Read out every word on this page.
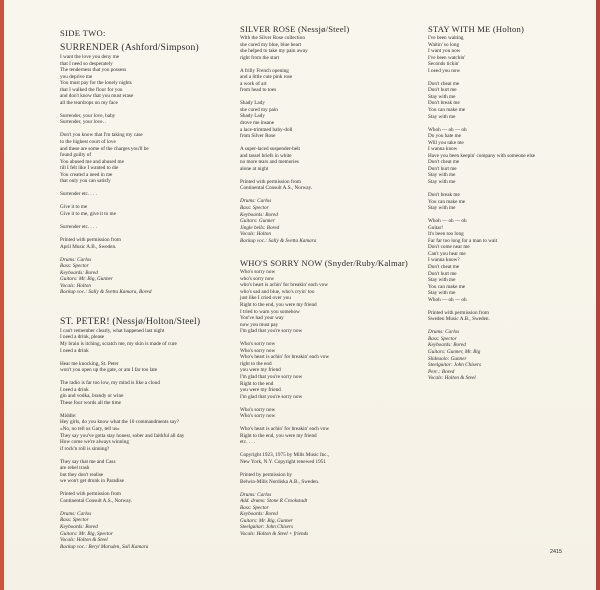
SIDE TWO:
SURRENDER (Ashford/Simpson)
I want the love you deny me
that I need so desperately
The tenderness that you possess
you deprive me
You must pay for the lonely nights
that I walked the floor for you
and don't know that you must erase
all the teardrops on my face
Surrender, your love, baby
Surrender, your love. .
Don't you know that I'm taking my case
to the highest court of love
and these are some of the charges you'll be
found guilty of
You abused me and abused me
till I felt like I wanted to die
You created a need in me
that only you can satisfy
Surrender etc. . . .
Give it to me
Give it to me, give it to me
Surrender etc. . . .
Printed with permission from
April Music A.B., Sweden.
Drums: Carlos
Bass: Spector
Keyboards: Bored
Guitars: Mr. Big, Gunner
Vocals: Holton
Backup voc.: Sally & Svetta Kamara, Bored
ST. PETER! (Nessjø/Holton/Steel)
I can't remember clearly, what happened last night
I need a drink, please
My brain is itching, scratch me, my skin is made of cure
I need a drink
Hear me knocking, St. Peter
won't you open up the gate, or am I far too late
The radio is far too low, my mind is like a cloud
I need a drink
gin and vodka, brandy or wine
These four words all the time
Middle:
Hey girls, do you know what the 10 commandments say?
«No, no tell us Gary, tell us»
They say you've gotta stay honest, sober and faithful all day
How come we're always winning
if rock'n roll is sinning?
They say that me and Cass
are rebel trash
but they don't realise
we won't get drunk in Paradise
Printed with permission from
Continental Consult A.S., Norway.
Drums: Carlos
Bass: Spector
Keyboards: Bored
Guitars: Mr. Big, Spector
Vocals: Holton & Steel
Backup voc.: Beryl Marsden, Sali Kamara
SILVER ROSE (Nessjø/Steel)
With the Silver Rose collection
she cured my blue, blue heart
she helped to take my pain away
right from the start
A frilly French opening
and a little cute pink rose
a work of art
from head to toes
Shady Lady
she cured my pain
Shady Lady
drove me insane
a lace-trimmed baby-doll
from Silver Rose
A super-laced suspender-belt
and tassel briefs in white
no more tears and memories
alone at night
Printed with permission from
Continental Consult A.S., Norway.
Drums: Carlos
Bass: Spector
Keyboards: Bored
Guitars: Gunner
Jingle bells: Bored
Vocals: Holton
Backup voc.: Sally & Svetta Kamara
WHO'S SORRY NOW (Snyder/Ruby/Kalmar)
Who's sorry now
who's sorry now
who's heart is achin' for breakin' each vow
who's sad and blue, who's cryin' too
just like I cried over you
Right to the end, you were my friend
I tried to warn you somehow
You've had your way
now you must pay
I'm glad that you're sorry now
Who's sorry now
Who's sorry now
Who's heart is achin' for breakin' each vow
right to the end
you were my friend
I'm glad that you're sorry now
Right to the end
you were my friend
I'm glad that you're sorry now
Who's sorry now
Who's sorry now
Who's heart is achin' for breakin' each vow
Right to the end, you were my friend
etc. . . .
Copyright 1923, 1975 by Mills Music Inc.,
New York, N.Y. Copyright renewed 1951
Printed by permission by
Belwin-Mills Nordiska A.B., Sweden.
Drums: Carlos
Add. drums: Stone R Crookstadt
Bass: Spector
Keyboards: Bored
Guitars: Mr. Big, Gunner
Steelguitar: John Chisers
Vocals: Holton & Steel + friends
STAY WITH ME (Holton)
I've been waiting
Waitin' so long
I want you now
I've been watchin'
Seconds tickin'
I need you now
Don't cheat me
Don't hurt me
Stay with me
Don't break me
You can make me
Stay with me
Whoh — oh — oh
Do you hate me
Will you take me
I wanna know
Have you been keepin' company with someone else
Don't cheat me
Don't hurt me
Stay with me
Stay with me
Don't break me
You can make me
Stay with me
Whoh — oh — oh
Guitar!
It's been too long
Far far too long for a man to wait
Don't come near me
Can't you hear me
I wanna know?
Don't cheat me
Don't hurt me
Stay with me
You can make me
Stay with me
Whoh — oh — oh
Printed with permission from
Sweden Music A.B., Sweden.
Drums: Carlos
Bass: Spector
Keyboards: Bored
Guitars: Gunner, Mr. Big
Slideuolo: Gunner
Steelguitar: John Chisers
Perc.: Bored
Vocals: Holton & Steel
2415
